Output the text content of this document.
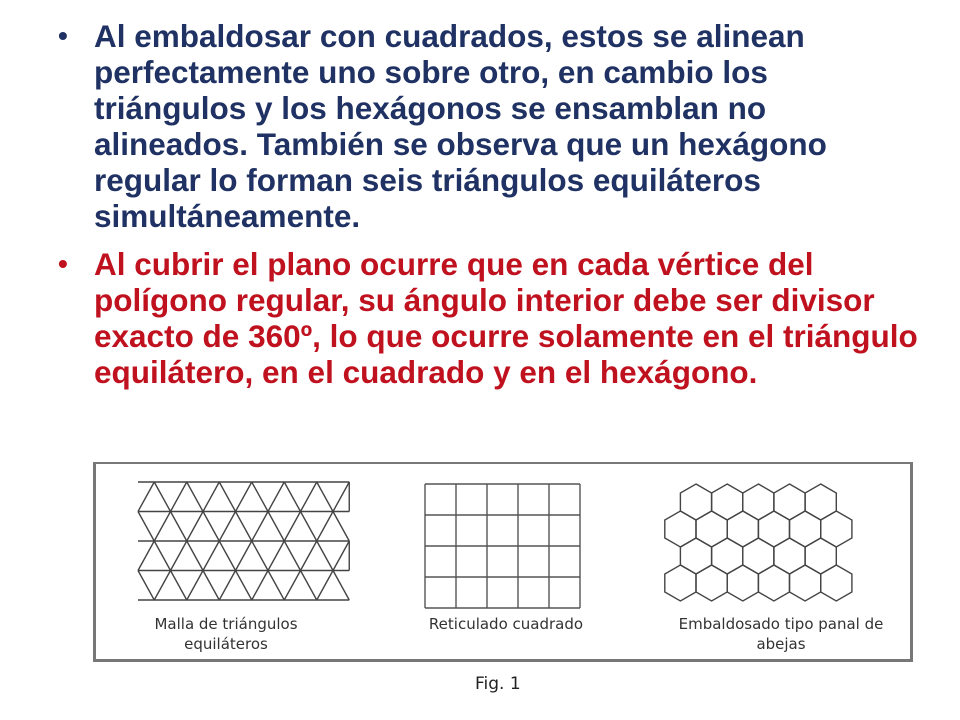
• Al embaldosar con cuadrados, estos se alinean perfectamente uno sobre otro, en cambio los triángulos y los hexágonos se ensamblan no alineados. También se observa que un hexágono regular lo forman seis triángulos equiláteros simultáneamente.
• Al cubrir el plano ocurre que en cada vértice del polígono regular, su ángulo interior debe ser divisor exacto de 360º, lo que ocurre solamente en el triángulo equilátero, en el cuadrado y en el hexágono.
Malla de triángulos equiláteros
Reticulado cuadrado	Embaldosado tipo panal de abejas
Fig. 1
